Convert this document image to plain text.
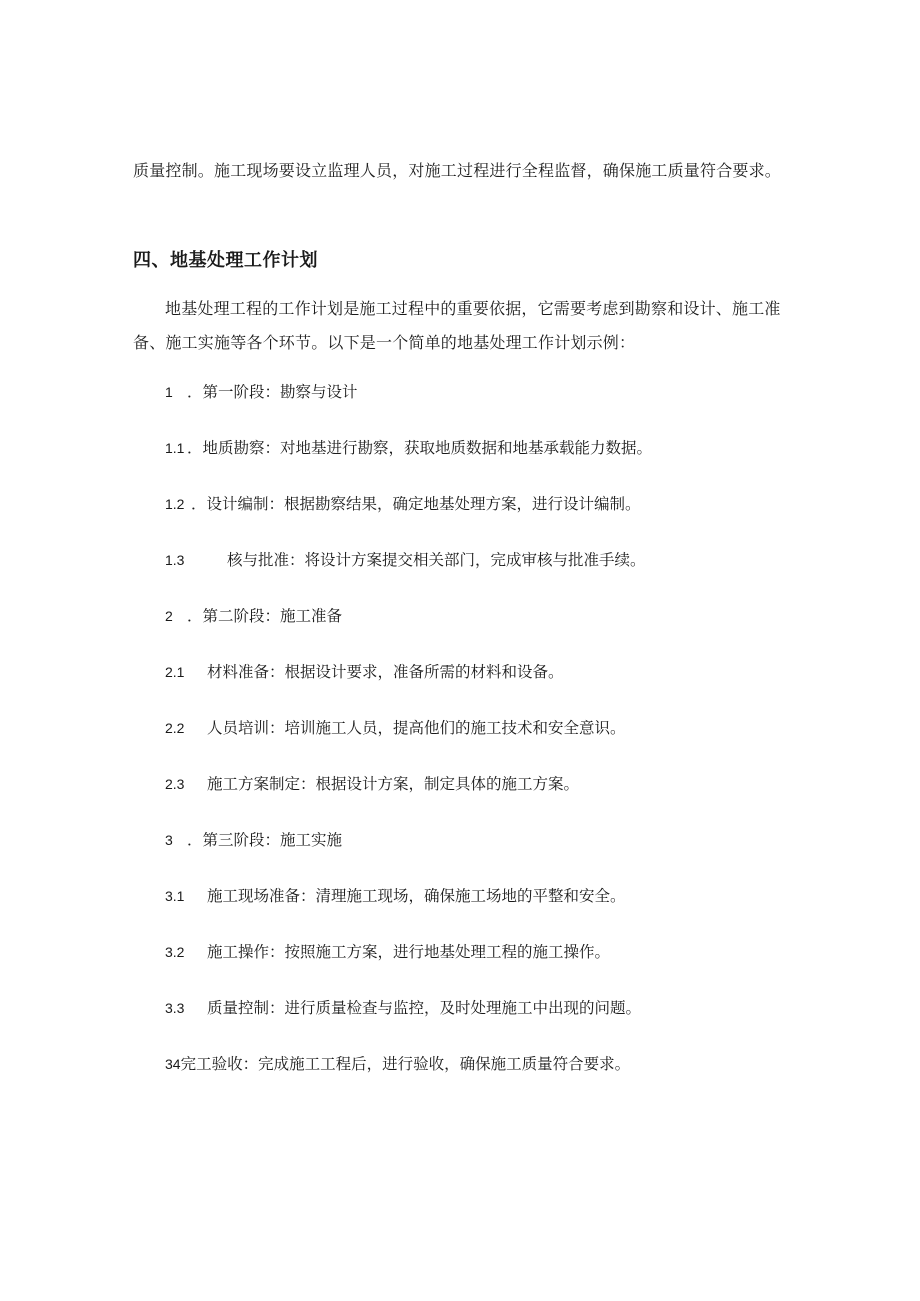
质量控制。施工现场要设立监理人员，对施工过程进行全程监督，确保施工质量符合要求。

四、地基处理工作计划

地基处理工程的工作计划是施工过程中的重要依据，它需要考虑到勘察和设计、施工准备、施工实施等各个环节。以下是一个简单的地基处理工作计划示例：

1 ．第一阶段：勘察与设计
1.1 ．地质勘察：对地基进行勘察，获取地质数据和地基承载能力数据。
1.2 ．设计编制：根据勘察结果，确定地基处理方案，进行设计编制。
1.3	核与批准：将设计方案提交相关部门，完成审核与批准手续。
2 ．第二阶段：施工准备
2.1 材料准备：根据设计要求，准备所需的材料和设备。
2.2 人员培训：培训施工人员，提高他们的施工技术和安全意识。
2.3 施工方案制定：根据设计方案，制定具体的施工方案。
3 ．第三阶段：施工实施
3.1 施工现场准备：清理施工现场，确保施工场地的平整和安全。
3.2 施工操作：按照施工方案，进行地基处理工程的施工操作。
3.3 质量控制：进行质量检查与监控，及时处理施工中出现的问题。
34完工验收：完成施工工程后，进行验收，确保施工质量符合要求。
